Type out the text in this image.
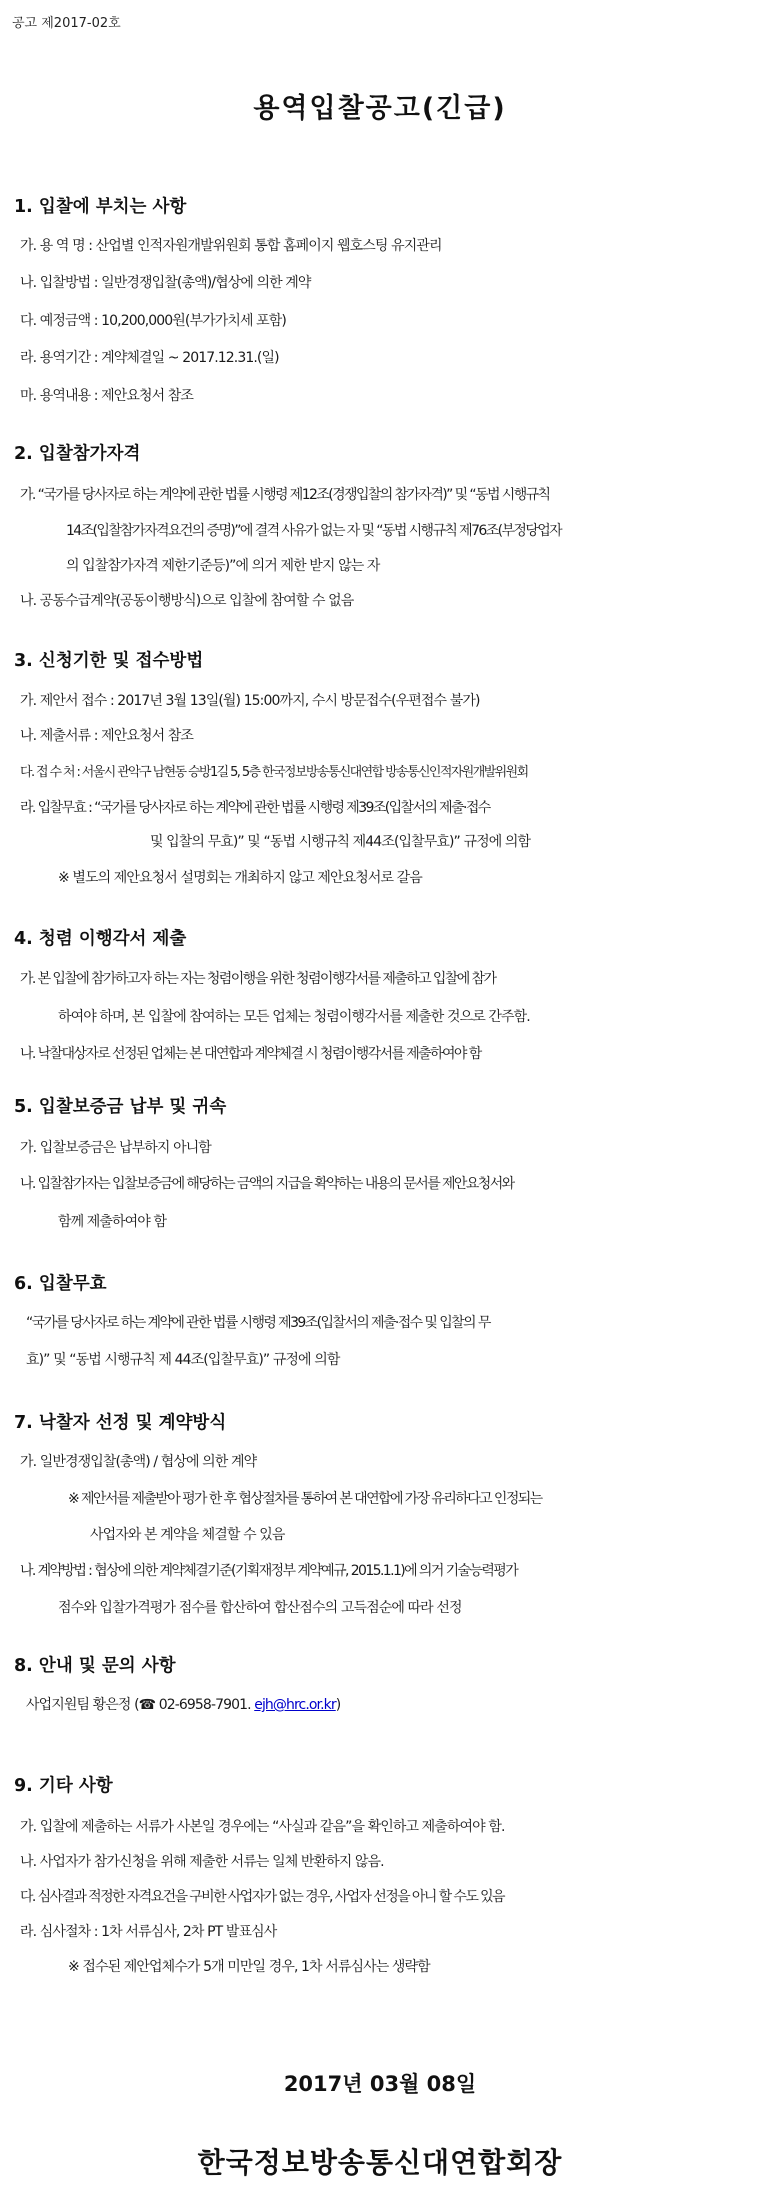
공고 제2017-02호
용역입찰공고(긴급)
1. 입찰에 부치는 사항
가. 용 역 명 : 산업별 인적자원개발위원회 통합 홈페이지 웹호스팅 유지관리
나. 입찰방법 : 일반경쟁입찰(총액)/협상에 의한 계약
다. 예정금액 : 10,200,000원(부가가치세 포함)
라. 용역기간 : 계약체결일 ~ 2017.12.31.(일)
마. 용역내용 : 제안요청서 참조
2. 입찰참가자격
가. “국가를 당사자로 하는 계약에 관한 법률 시행령 제12조(경쟁입찰의 참가자격)” 및 “동법 시행규칙
14조(입찰참가자격요건의 증명)”에 결격 사유가 없는 자 및 “동법 시행규칙 제76조(부정당업자
의 입찰참가자격 제한기준등)”에 의거 제한 받지 않는 자
나. 공동수급계약(공동이행방식)으로 입찰에 참여할 수 없음
3. 신청기한 및 접수방법
가. 제안서 접수 : 2017년 3월 13일(월) 15:00까지, 수시 방문접수(우편접수 불가)
나. 제출서류 : 제안요청서 참조
다. 접 수 처 : 서울시 관악구 남현동 승방1길 5, 5층 한국정보방송통신대연합 방송통신인적자원개발위원회
라. 입찰무효 : “국가를 당사자로 하는 계약에 관한 법률 시행령 제39조(입찰서의 제출·접수
및 입찰의 무효)” 및 “동법 시행규칙 제44조(입찰무효)” 규정에 의함
※ 별도의 제안요청서 설명회는 개최하지 않고 제안요청서로 갈음
4. 청렴 이행각서 제출
가. 본 입찰에 참가하고자 하는 자는 청렴이행을 위한 청렴이행각서를 제출하고 입찰에 참가
하여야 하며, 본 입찰에 참여하는 모든 업체는 청렴이행각서를 제출한 것으로 간주함.
나. 낙찰대상자로 선정된 업체는 본 대연합과 계약체결 시 청렴이행각서를 제출하여야 함
5. 입찰보증금 납부 및 귀속
가. 입찰보증금은 납부하지 아니함
나. 입찰참가자는 입찰보증금에 해당하는 금액의 지급을 확약하는 내용의 문서를 제안요청서와
함께 제출하여야 함
6. 입찰무효
“국가를 당사자로 하는 계약에 관한 법률 시행령 제39조(입찰서의 제출·접수 및 입찰의 무
효)” 및 “동법 시행규칙 제 44조(입찰무효)” 규정에 의함
7. 낙찰자 선정 및 계약방식
가. 일반경쟁입찰(총액) / 협상에 의한 계약
※ 제안서를 제출받아 평가 한 후 협상절차를 통하여 본 대연합에 가장 유리하다고 인정되는
사업자와 본 계약을 체결할 수 있음
나. 계약방법 : 협상에 의한 계약체결기준(기획재정부 계약예규, 2015.1.1)에 의거 기술능력평가
점수와 입찰가격평가 점수를 합산하여 합산점수의 고득점순에 따라 선정
8. 안내 및 문의 사항
사업지원팀 황은정 (☎ 02-6958-7901. ejh@hrc.or.kr)
9. 기타 사항
가. 입찰에 제출하는 서류가 사본일 경우에는 “사실과 같음”을 확인하고 제출하여야 함.
나. 사업자가 참가신청을 위해 제출한 서류는 일체 반환하지 않음.
다. 심사결과 적정한 자격요건을 구비한 사업자가 없는 경우, 사업자 선정을 아니 할 수도 있음
라. 심사절차 : 1차 서류심사, 2차 PT 발표심사
※ 접수된 제안업체수가 5개 미만일 경우, 1차 서류심사는 생략함
2017년 03월 08일
한국정보방송통신대연합회장
